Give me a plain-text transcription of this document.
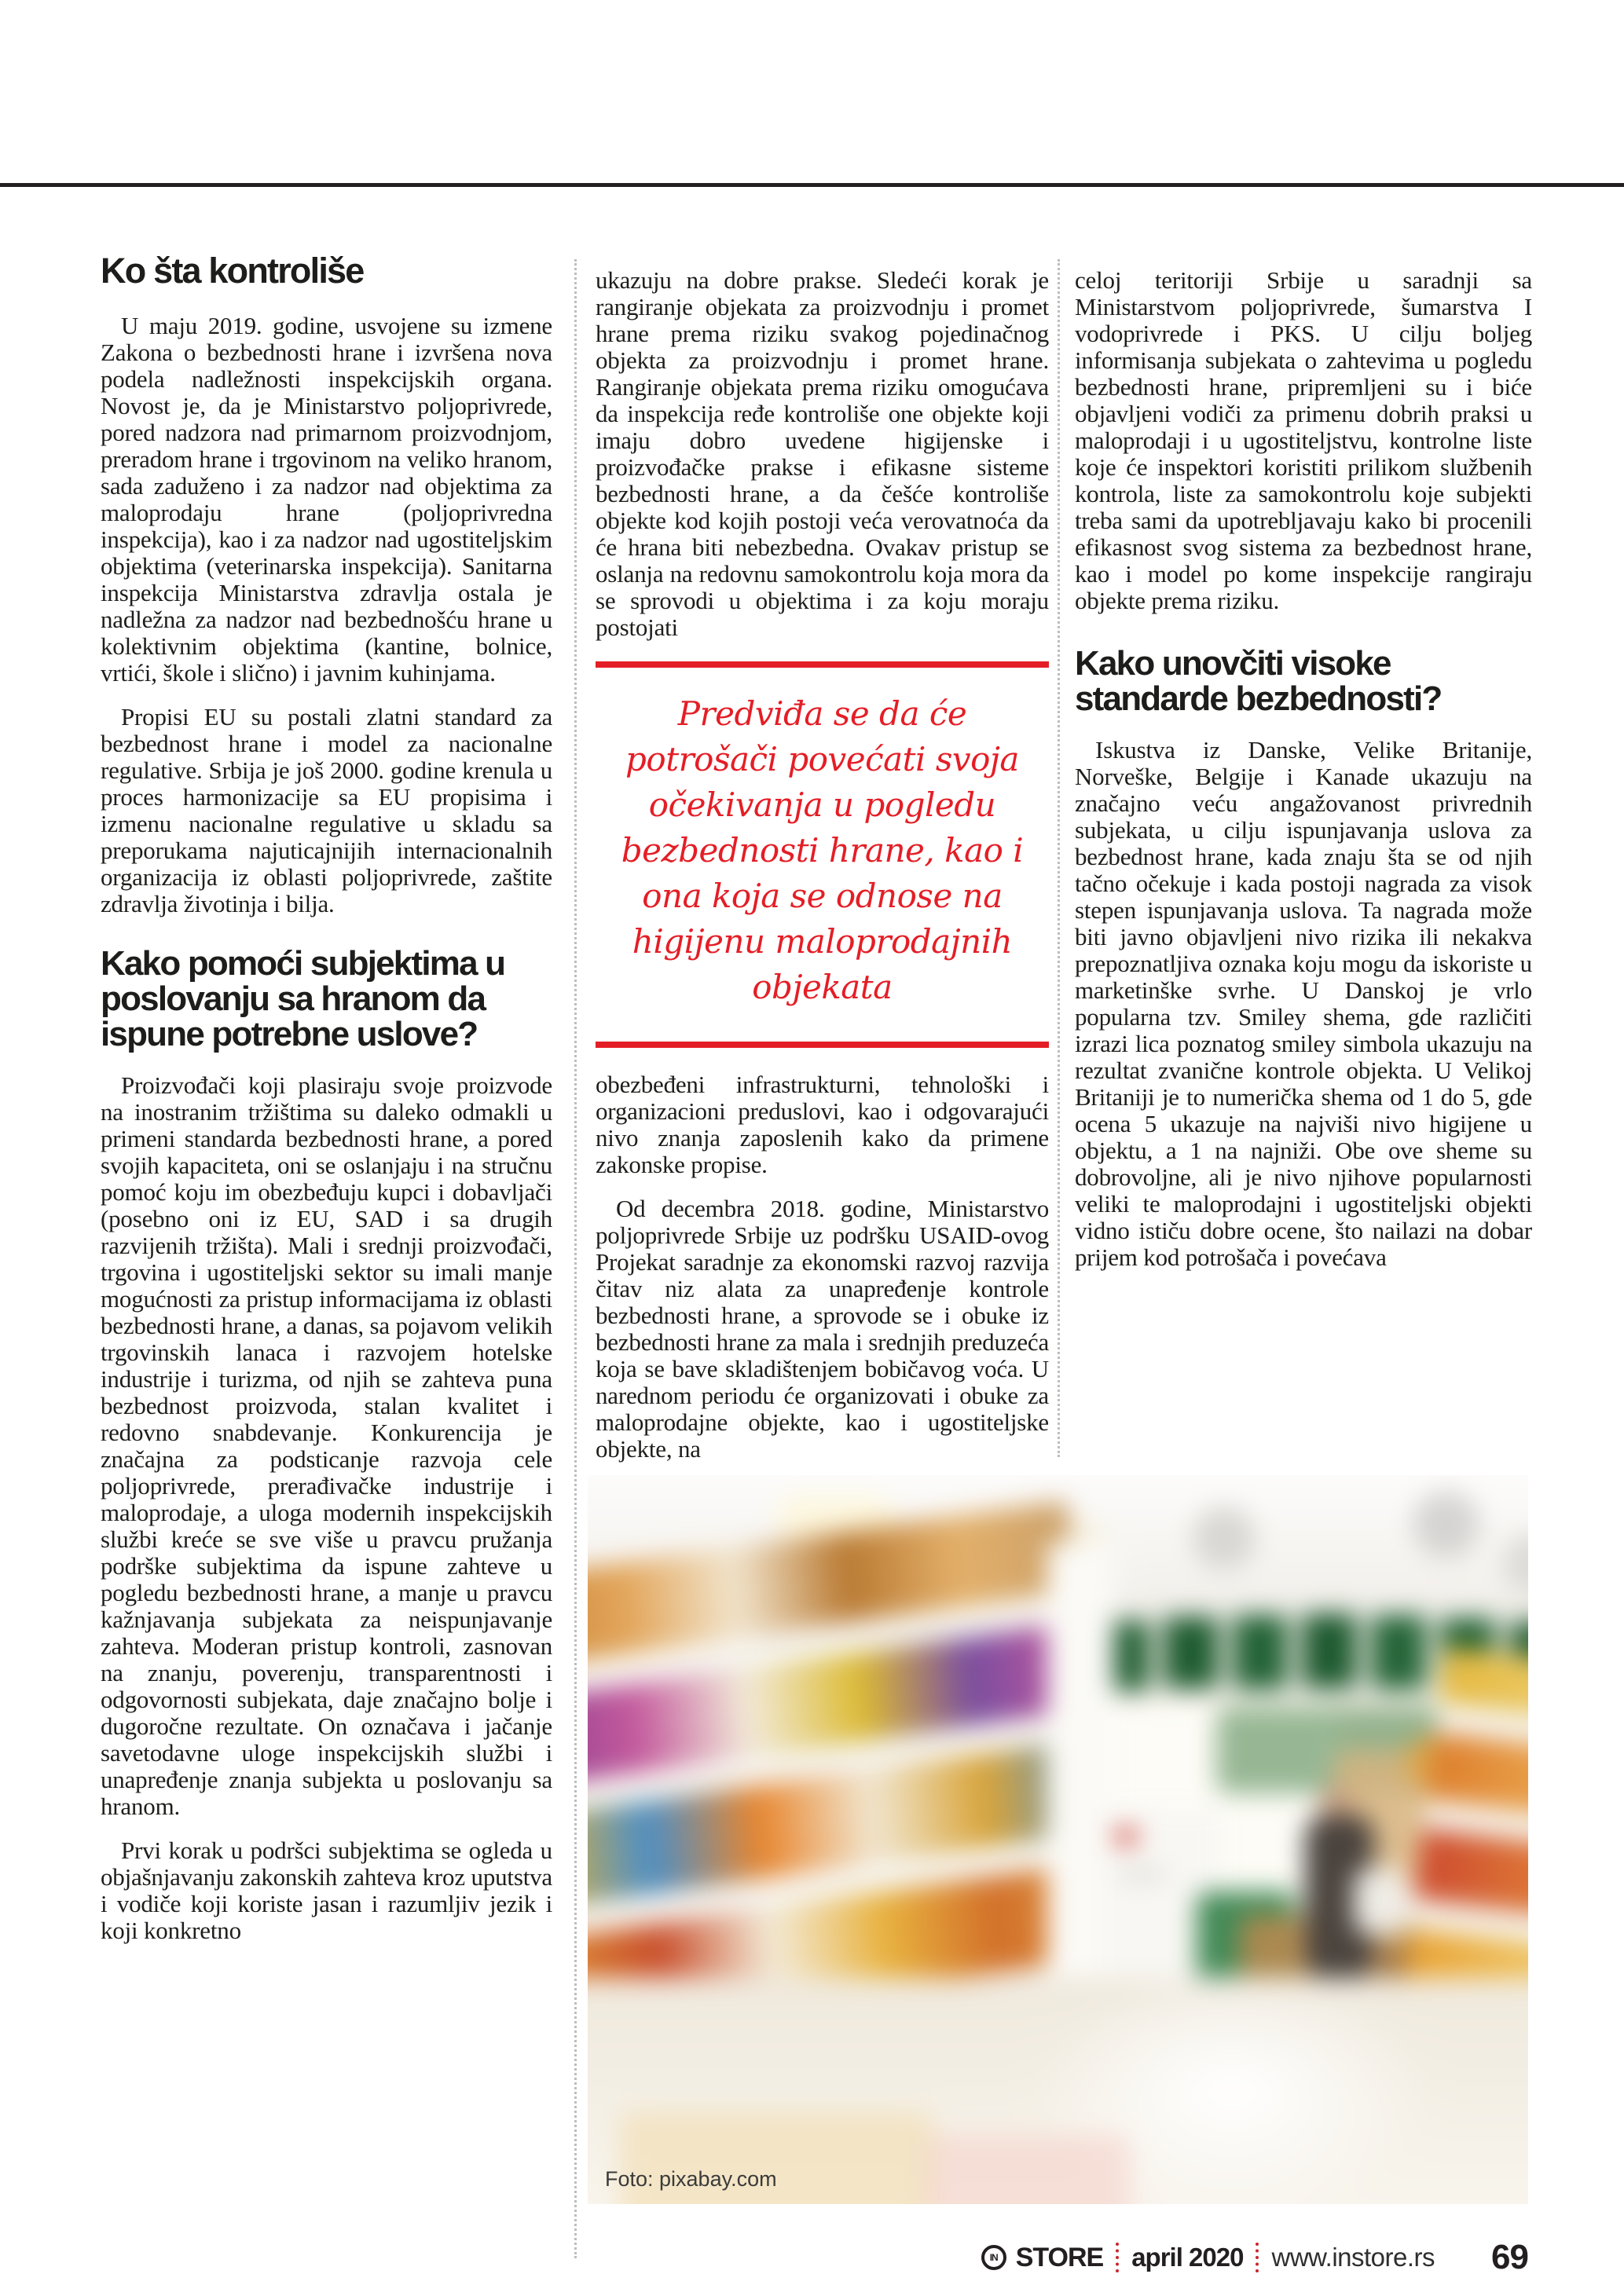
Ko šta kontroliše

U maju 2019. godine, usvojene su izmene Zakona o bezbednosti hrane i izvršena nova podela nadležnosti inspekcijskih organa. Novost je, da je Ministarstvo poljoprivrede, pored nadzora nad primarnom proizvodnjom, preradom hrane i trgovinom na veliko hranom, sada zaduženo i za nadzor nad objektima za maloprodaju hrane (poljoprivredna inspekcija), kao i za nadzor nad ugostiteljskim objektima (veterinarska inspekcija). Sanitarna inspekcija Ministarstva zdravlja ostala je nadležna za nadzor nad bezbednošću hrane u kolektivnim objektima (kantine, bolnice, vrtići, škole i slično) i javnim kuhinjama.

Propisi EU su postali zlatni standard za bezbednost hrane i model za nacionalne regulative. Srbija je još 2000. godine krenula u proces harmonizacije sa EU propisima i izmenu nacionalne regulative u skladu sa preporukama najuticajnijih internacionalnih organizacija iz oblasti poljoprivrede, zaštite zdravlja životinja i bilja.

Kako pomoći subjektima u poslovanju sa hranom da ispune potrebne uslove?

Proizvođači koji plasiraju svoje proizvode na inostranim tržištima su daleko odmakli u primeni standarda bezbednosti hrane, a pored svojih kapaciteta, oni se oslanjaju i na stručnu pomoć koju im obezbeđuju kupci i dobavljači (posebno oni iz EU, SAD i sa drugih razvijenih tržišta). Mali i srednji proizvođači, trgovina i ugostiteljski sektor su imali manje mogućnosti za pristup informacijama iz oblasti bezbednosti hrane, a danas, sa pojavom velikih trgovinskih lanaca i razvojem hotelske industrije i turizma, od njih se zahteva puna bezbednost proizvoda, stalan kvalitet i redovno snabdevanje. Konkurencija je značajna za podsticanje razvoja cele poljoprivrede, prerađivačke industrije i maloprodaje, a uloga modernih inspekcijskih službi kreće se sve više u pravcu pružanja podrške subjektima da ispune zahteve u pogledu bezbednosti hrane, a manje u pravcu kažnjavanja subjekata za neispunjavanje zahteva. Moderan pristup kontroli, zasnovan na znanju, poverenju, transparentnosti i odgovornosti subjekata, daje značajno bolje i dugoročne rezultate. On označava i jačanje savetodavne uloge inspekcijskih službi i unapređenje znanja subjekta u poslovanju sa hranom.

Prvi korak u podršci subjektima se ogleda u objašnjavanju zakonskih zahteva kroz uputstva i vodiče koji koriste jasan i razumljiv jezik i koji konkretno

ukazuju na dobre prakse. Sledeći korak je rangiranje objekata za proizvodnju i promet hrane prema riziku svakog pojedinačnog objekta za proizvodnju i promet hrane. Rangiranje objekata prema riziku omogućava da inspekcija ređe kontroliše one objekte koji imaju dobro uvedene higijenske i proizvođačke prakse i efikasne sisteme bezbednosti hrane, a da češće kontroliše objekte kod kojih postoji veća verovatnoća da će hrana biti nebezbedna. Ovakav pristup se oslanja na redovnu samokontrolu koja mora da se sprovodi u objektima i za koju moraju postojati

Predviđa se da će potrošači povećati svoja očekivanja u pogledu bezbednosti hrane, kao i ona koja se odnose na higijenu maloprodajnih objekata

obezbeđeni infrastrukturni, tehnološki i organizacioni preduslovi, kao i odgovarajući nivo znanja zaposlenih kako da primene zakonske propise.

Od decembra 2018. godine, Ministarstvo poljoprivrede Srbije uz podršku USAID-ovog Projekat saradnje za ekonomski razvoj razvija čitav niz alata za unapređenje kontrole bezbednosti hrane, a sprovode se i obuke iz bezbednosti hrane za mala i srednjih preduzeća koja se bave skladištenjem bobičavog voća. U narednom periodu će organizovati i obuke za maloprodajne objekte, kao i ugostiteljske objekte, na

celoj teritoriji Srbije u saradnji sa Ministarstvom poljoprivrede, šumarstva I vodoprivrede i PKS. U cilju boljeg informisanja subjekata o zahtevima u pogledu bezbednosti hrane, pripremljeni su i biće objavljeni vodiči za primenu dobrih praksi u maloprodaji i u ugostiteljstvu, kontrolne liste koje će inspektori koristiti prilikom službenih kontrola, liste za samokontrolu koje subjekti treba sami da upotrebljavaju kako bi procenili efikasnost svog sistema za bezbednost hrane, kao i model po kome inspekcije rangiraju objekte prema riziku.

Kako unovčiti visoke standarde bezbednosti?

Iskustva iz Danske, Velike Britanije, Norveške, Belgije i Kanade ukazuju na značajno veću angažovanost privrednih subjekata, u cilju ispunjavanja uslova za bezbednost hrane, kada znaju šta se od njih tačno očekuje i kada postoji nagrada za visok stepen ispunjavanja uslova. Ta nagrada može biti javno objavljeni nivo rizika ili nekakva prepoznatljiva oznaka koju mogu da iskoriste u marketinške svrhe. U Danskoj je vrlo popularna tzv. Smiley shema, gde različiti izrazi lica poznatog smiley simbola ukazuju na rezultat zvanične kontrole objekta. U Velikoj Britaniji je to numerička shema od 1 do 5, gde ocena 5 ukazuje na najviši nivo higijene u objektu, a 1 na najniži. Obe ove sheme su dobrovoljne, ali je nivo njihove popularnosti veliki te maloprodajni i ugostiteljski objekti vidno ističu dobre ocene, što nailazi na dobar prijem kod potrošača i povećava

Foto: pixabay.com
IN STORE april 2020 www.instore.rs 69
